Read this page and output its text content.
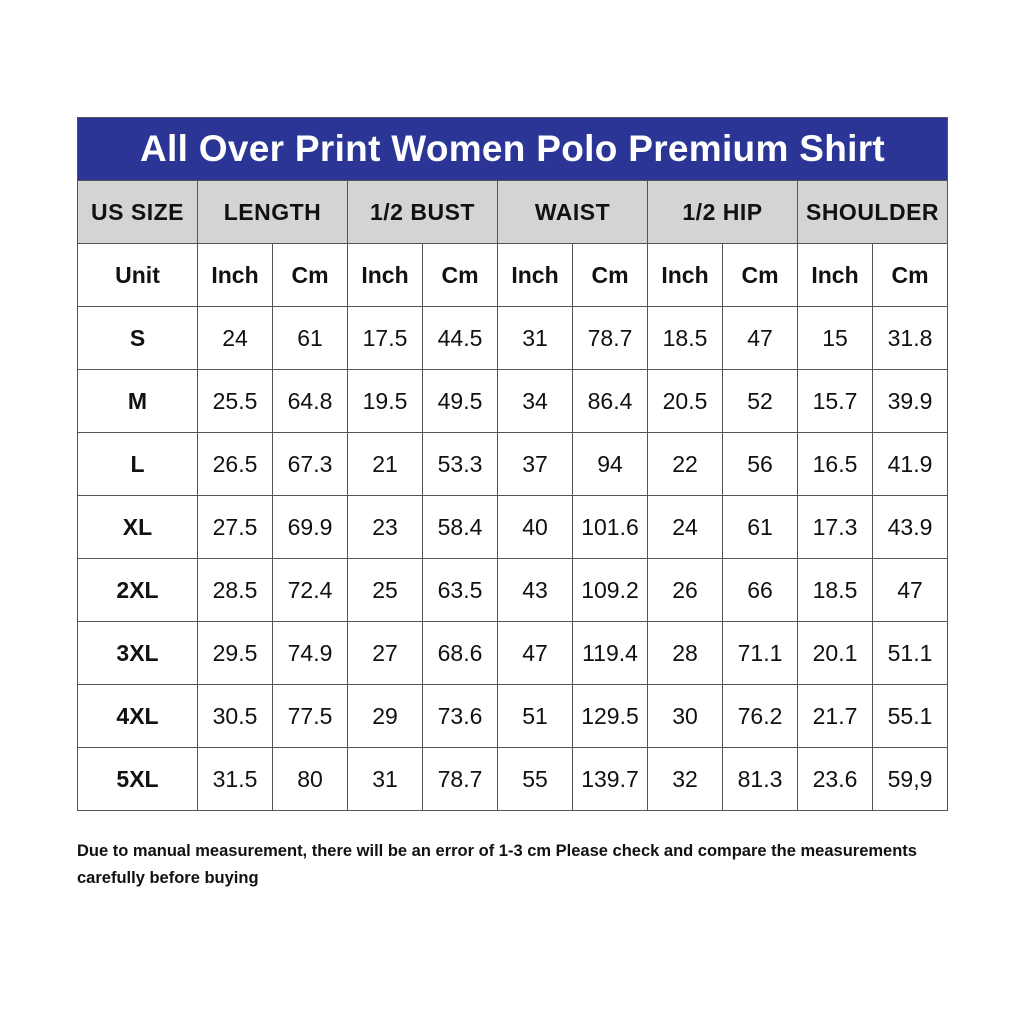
All Over Print Women Polo Premium Shirt										
US SIZE	LENGTH		1/2 BUST		WAIST		1/2 HIP		SHOULDER	
Unit	Inch	Cm	Inch	Cm	Inch	Cm	Inch	Cm	Inch	Cm
S	24	61	17.5	44.5	31	78.7	18.5	47	15	31.8
M	25.5	64.8	19.5	49.5	34	86.4	20.5	52	15.7	39.9
L	26.5	67.3	21	53.3	37	94	22	56	16.5	41.9
XL	27.5	69.9	23	58.4	40	101.6	24	61	17.3	43.9
2XL	28.5	72.4	25	63.5	43	109.2	26	66	18.5	47
3XL	29.5	74.9	27	68.6	47	119.4	28	71.1	20.1	51.1
4XL	30.5	77.5	29	73.6	51	129.5	30	76.2	21.7	55.1
5XL	31.5	80	31	78.7	55	139.7	32	81.3	23.6	59,9
Due to manual measurement, there will be an error of 1-3 cm Please check and compare the measurements carefully before buying
